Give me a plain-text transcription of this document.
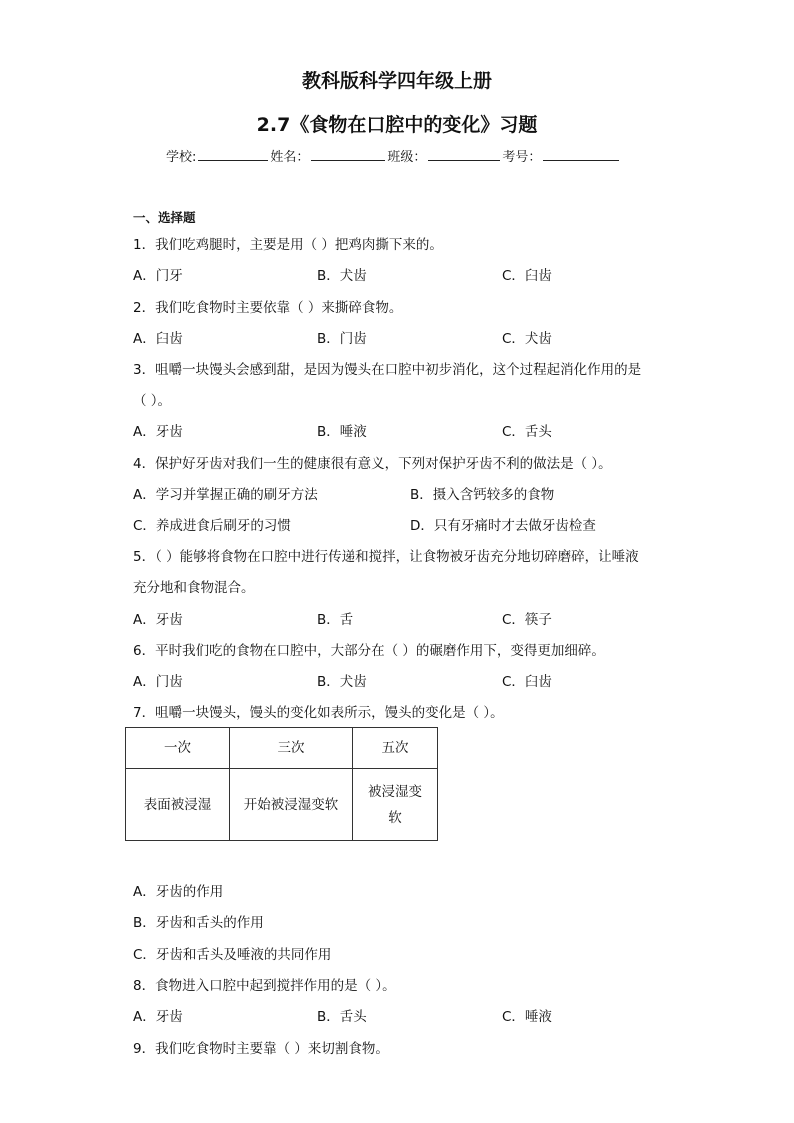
教科版科学四年级上册
2.7《食物在口腔中的变化》习题
学校:	姓名：	班级：	考号：
一、选择题
1．我们吃鸡腿时，主要是用（ ）把鸡肉撕下来的。
A．门牙	B．犬齿	C．臼齿
2．我们吃食物时主要依靠（ ）来撕碎食物。
A．臼齿	B．门齿	C．犬齿
3．咀嚼一块馒头会感到甜，是因为馒头在口腔中初步消化，这个过程起消化作用的是
（ ）。
A．牙齿	B．唾液	C．舌头
4．保护好牙齿对我们一生的健康很有意义，下列对保护牙齿不利的做法是（ ）。
A．学习并掌握正确的刷牙方法	B．摄入含钙较多的食物
C．养成进食后刷牙的习惯	D．只有牙痛时才去做牙齿检查
5．（ ）能够将食物在口腔中进行传递和搅拌，让食物被牙齿充分地切碎磨碎，让唾液
充分地和食物混合。
A．牙齿	B．舌	C．筷子
6．平时我们吃的食物在口腔中，大部分在（ ）的碾磨作用下，变得更加细碎。
A．门齿	B．犬齿	C．臼齿
7．咀嚼一块馒头，馒头的变化如表所示，馒头的变化是（ ）。
一次	三次	五次
表面被浸湿	开始被浸湿变软	被浸湿变软
A．牙齿的作用
B．牙齿和舌头的作用
C．牙齿和舌头及唾液的共同作用
8．食物进入口腔中起到搅拌作用的是（ ）。
A．牙齿	B．舌头	C．唾液
9．我们吃食物时主要靠（ ）来切割食物。
